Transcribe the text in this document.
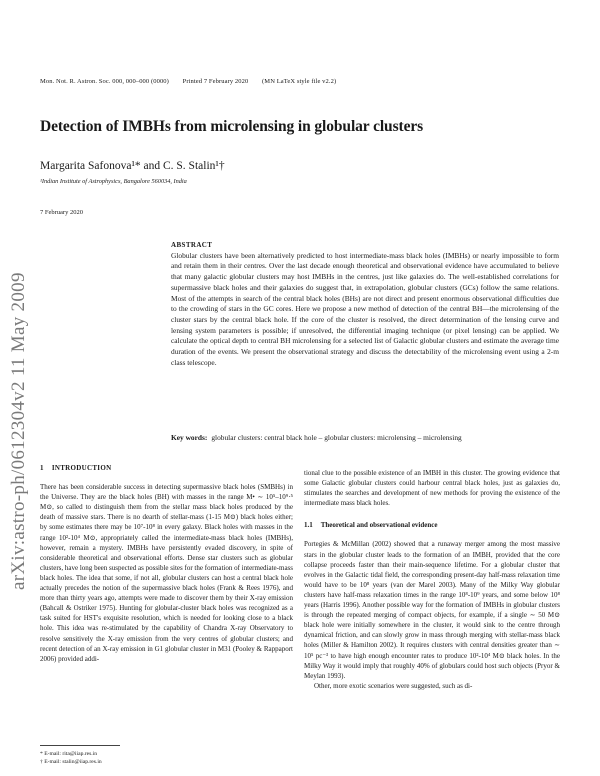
Mon. Not. R. Astron. Soc. 000, 000–000 (0000) Printed 7 February 2020 (MN LaTeX style file v2.2)
Detection of IMBHs from microlensing in globular clusters
Margarita Safonova¹* and C. S. Stalin¹†
¹Indian Institute of Astrophysics, Bangalore 560034, India
7 February 2020
arXiv:astro-ph/0612304v2 11 May 2009
ABSTRACT

Globular clusters have been alternatively predicted to host intermediate-mass black holes (IMBHs) or nearly impossible to form and retain them in their centres. Over the last decade enough theoretical and observational evidence have accumulated to believe that many galactic globular clusters may host IMBHs in the centres, just like galaxies do. The well-established correlations for supermassive black holes and their galaxies do suggest that, in extrapolation, globular clusters (GCs) follow the same relations. Most of the attempts in search of the central black holes (BHs) are not direct and present enormous observational difficulties due to the crowding of stars in the GC cores. Here we propose a new method of detection of the central BH—the microlensing of the cluster stars by the central black hole. If the core of the cluster is resolved, the direct determination of the lensing curve and lensing system parameters is possible; if unresolved, the differential imaging technique (or pixel lensing) can be applied. We calculate the optical depth to central BH microlensing for a selected list of Galactic globular clusters and estimate the average time duration of the events. We present the observational strategy and discuss the detectability of the microlensing event using a 2-m class telescope.

Key words: globular clusters: central black hole – globular clusters: microlensing – microlensing
1 INTRODUCTION

There has been considerable success in detecting supermassive black holes (SMBHs) in the Universe. They are the black holes (BH) with masses in the range M• ∼ 10⁵–10⁹·⁵ M⊙, so called to distinguish them from the stellar mass black holes produced by the death of massive stars. There is no dearth of stellar-mass (1-15 M⊙) black holes either; by some estimates there may be 10⁷-10⁸ in every galaxy. Black holes with masses in the range 10²-10⁴ M⊙, appropriately called the intermediate-mass black holes (IMBHs), however, remain a mystery. IMBHs have persistently evaded discovery, in spite of considerable theoretical and observational efforts. Dense star clusters such as globular clusters, have long been suspected as possible sites for the formation of intermediate-mass black holes. The idea that some, if not all, globular clusters can host a central black hole actually precedes the notion of the supermassive black holes (Frank & Rees 1976), and more than thirty years ago, attempts were made to discover them by their X-ray emission (Bahcall & Ostriker 1975). Hunting for globular-cluster black holes was recognized as a task suited for HST's exquisite resolution, which is needed for looking close to a black hole. This idea was re-stimulated by the capability of Chandra X-ray Observatory to resolve sensitively the X-ray emission from the very centres of globular clusters; and recent detection of an X-ray emission in G1 globular cluster in M31 (Pooley & Rappaport 2006) provided addi-

tional clue to the possible existence of an IMBH in this cluster. The growing evidence that some Galactic globular clusters could harbour central black holes, just as galaxies do, stimulates the searches and development of new methods for proving the existence of the intermediate mass black holes.

1.1 Theoretical and observational evidence

Portegies & McMillan (2002) showed that a runaway merger among the most massive stars in the globular cluster leads to the formation of an IMBH, provided that the core collapse proceeds faster than their main-sequence lifetime. For a globular cluster that evolves in the Galactic tidal field, the corresponding present-day half-mass relaxation time would have to be 10⁸ years (van der Marel 2003). Many of the Milky Way globular clusters have half-mass relaxation times in the range 10⁸-10⁹ years, and some below 10⁸ years (Harris 1996). Another possible way for the formation of IMBHs in globular clusters is through the repeated merging of compact objects, for example, if a single ∼ 50 M⊙ black hole were initially somewhere in the cluster, it would sink to the centre through dynamical friction, and can slowly grow in mass through merging with stellar-mass black holes (Miller & Hamilton 2002). It requires clusters with central densities greater than ∼ 10⁵ pc⁻³ to have high enough encounter rates to produce 10²-10⁴ M⊙ black holes. In the Milky Way it would imply that roughly 40% of globulars could host such objects (Pryor & Meylan 1993).

Other, more exotic scenarios were suggested, such as di-

* E-mail: rita@iiap.res.in
† E-mail: stalin@iiap.res.in
